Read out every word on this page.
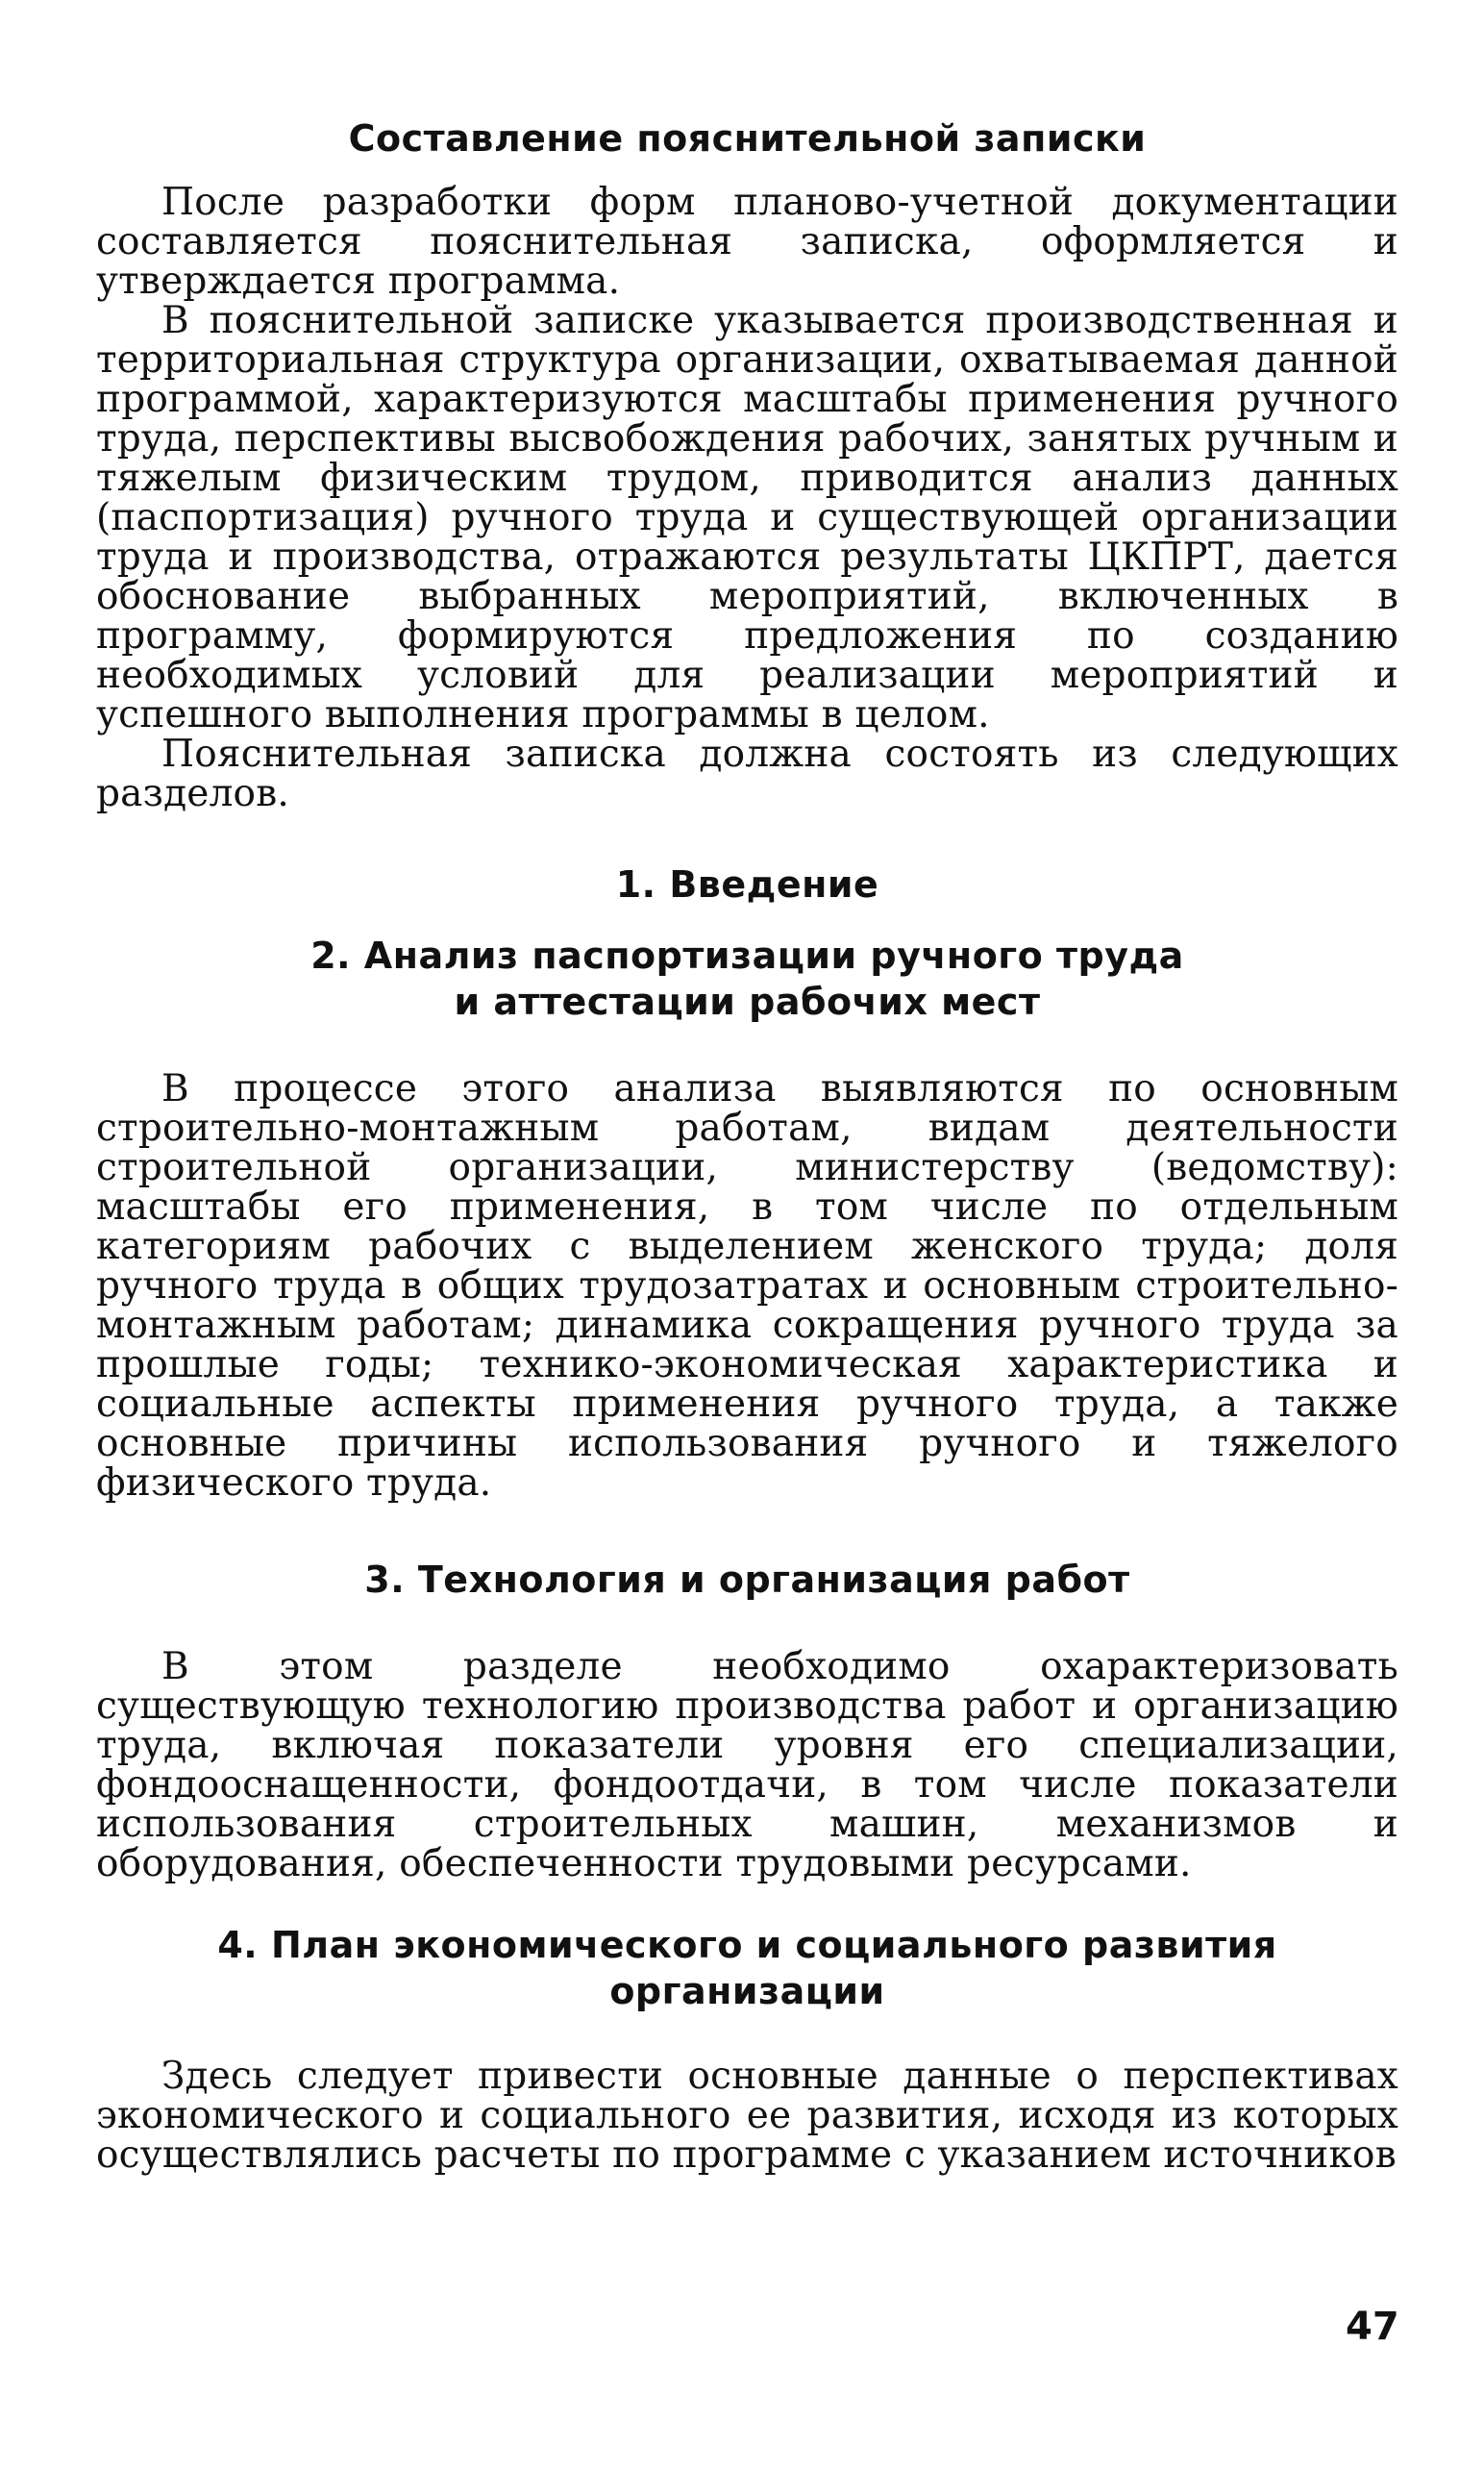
Составление пояснительной записки

После разработки форм планово-учетной документации составляется пояснительная записка, оформляется и утверждается программа.

В пояснительной записке указывается производственная и территориальная структура организации, охватываемая данной программой, характеризуются масштабы применения ручного труда, перспективы высвобождения рабочих, занятых ручным и тяжелым физическим трудом, приводится анализ данных (паспортизация) ручного труда и существующей организации труда и производства, отражаются результаты ЦКПРТ, дается обоснование выбранных мероприятий, включенных в программу, формируются предложения по созданию необходимых условий для реализации мероприятий и успешного выполнения программы в целом.

Пояснительная записка должна состоять из следующих разделов.

1. Введение
2. Анализ паспортизации ручного труда
и аттестации рабочих мест

В процессе этого анализа выявляются по основным строительно-монтажным работам, видам деятельности строительной организации, министерству (ведомству): масштабы его применения, в том числе по отдельным категориям рабочих с выделением женского труда; доля ручного труда в общих трудозатратах и основным строительно-монтажным работам; динамика сокращения ручного труда за прошлые годы; технико-экономическая характеристика и социальные аспекты применения ручного труда, а также основные причины использования ручного и тяжелого физического труда.

3. Технология и организация работ

В этом разделе необходимо охарактеризовать существующую технологию производства работ и организацию труда, включая показатели уровня его специализации, фондооснащенности, фондоотдачи, в том числе показатели использования строительных машин, механизмов и оборудования, обеспеченности трудовыми ресурсами.

4. План экономического и социального развития организации

Здесь следует привести основные данные о перспективах экономического и социального ее развития, исходя из которых осуществлялись расчеты по программе с указанием источников

47
